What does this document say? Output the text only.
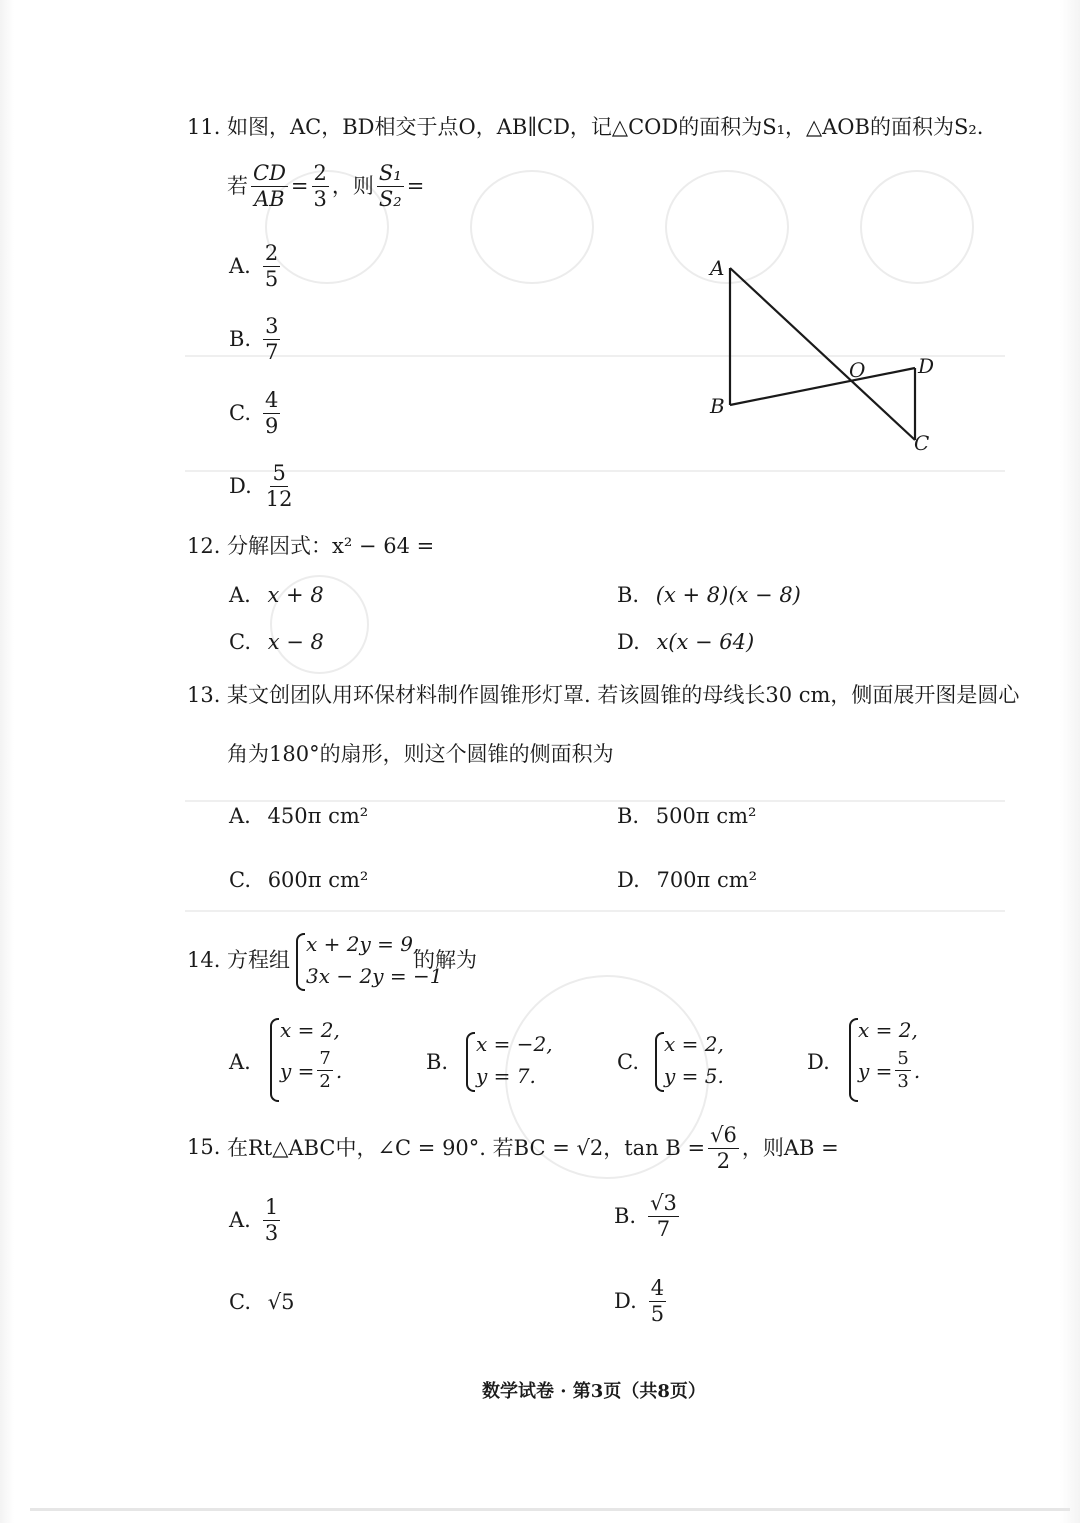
11. 如图，AC，BD相交于点O，AB∥CD，记△COD的面积为S₁，△AOB的面积为S₂.
若 $\frac{CD}{AB} = \frac{2}{3}$ ，则 $\frac{\text{S₁}}{\text{S₂}}$ =
A. $\frac{2}{5}$
B. $\frac{3}{7}$
C. $\frac{4}{9}$
D. $\frac{5}{12}$
A
B
O	D
C
12. 分解因式：x² − 64 =
A. x + 8	B. (x + 8)(x − 8)
C. x − 8	D. x(x − 64)
13. 某文创团队用环保材料制作圆锥形灯罩. 若该圆锥的母线长30 cm，侧面展开图是圆心
角为180°的扇形，则这个圆锥的侧面积为
A. 450π cm²	B. 500π cm²
C. 600π cm²	D. 700π cm²
14. 方程组
x + 2y = 9,
3x − 2y = −1
的解为
A.
x = 2,
$y = \frac{7}{2}$ .	B.
x = −2,
y = 7.
C.
x = 2,
y = 5.
D.
x = 2,
$y = \frac{5}{3}$ .
15. 在Rt△ABC中，∠C = 90°. 若BC = √2，$\tan B = \frac{√6}{2}$ ，则AB =
A. $\frac{1}{3}$	B. $\frac{√3}{7}$
C. √5	D. $\frac{4}{5}$
数学试卷 · 第3页（共8页）
